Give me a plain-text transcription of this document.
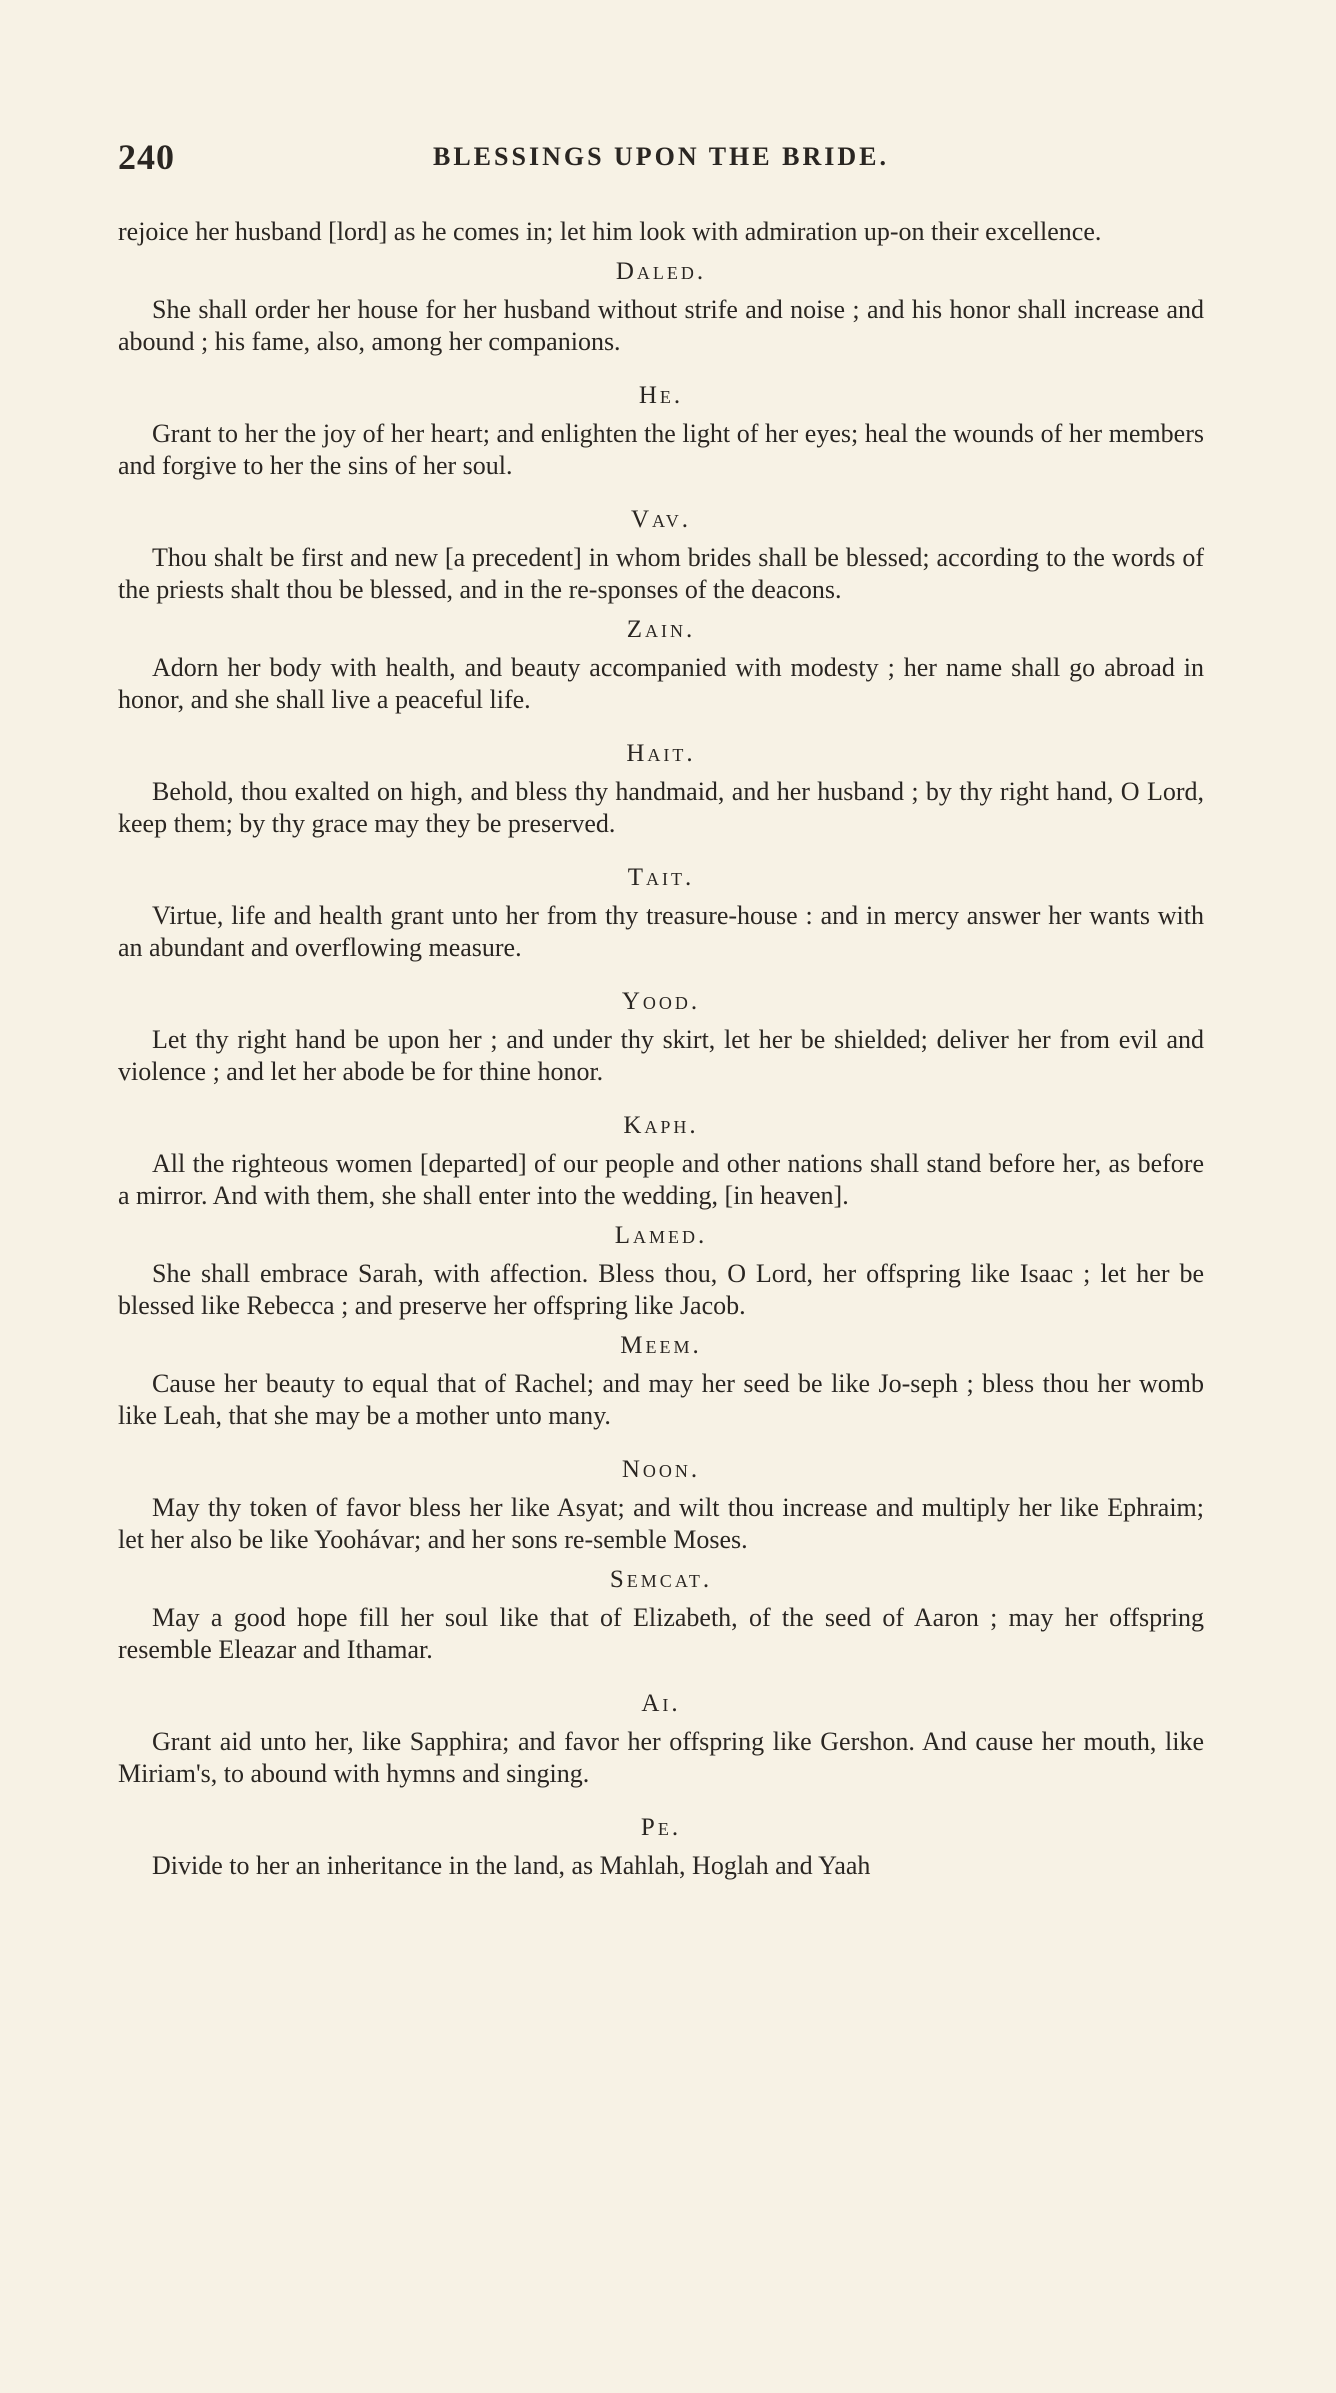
240	BLESSINGS UPON THE BRIDE.

rejoice her husband [lord] as he comes in; let him look with admiration up-on their excellence.

Daled.

She shall order her house for her husband without strife and noise ; and his honor shall increase and abound ; his fame, also, among her companions.

He.

Grant to her the joy of her heart; and enlighten the light of her eyes; heal the wounds of her members and forgive to her the sins of her soul.

Vav.

Thou shalt be first and new [a precedent] in whom brides shall be blessed; according to the words of the priests shalt thou be blessed, and in the re-sponses of the deacons.

Zain.

Adorn her body with health, and beauty accompanied with modesty ; her name shall go abroad in honor, and she shall live a peaceful life.

Hait.

Behold, thou exalted on high, and bless thy handmaid, and her husband ; by thy right hand, O Lord, keep them; by thy grace may they be preserved.

Tait.

Virtue, life and health grant unto her from thy treasure-house : and in mercy answer her wants with an abundant and overflowing measure.

Yood.

Let thy right hand be upon her ; and under thy skirt, let her be shielded; deliver her from evil and violence ; and let her abode be for thine honor.

Kaph.

All the righteous women [departed] of our people and other nations shall stand before her, as before a mirror. And with them, she shall enter into the wedding, [in heaven].

Lamed.

She shall embrace Sarah, with affection. Bless thou, O Lord, her offspring like Isaac ; let her be blessed like Rebecca ; and preserve her offspring like Jacob.

Meem.

Cause her beauty to equal that of Rachel; and may her seed be like Jo-seph ; bless thou her womb like Leah, that she may be a mother unto many.

Noon.

May thy token of favor bless her like Asyat; and wilt thou increase and multiply her like Ephraim; let her also be like Yoohávar; and her sons re-semble Moses.

Semcat.

May a good hope fill her soul like that of Elizabeth, of the seed of Aaron ; may her offspring resemble Eleazar and Ithamar.

Ai.

Grant aid unto her, like Sapphira; and favor her offspring like Gershon. And cause her mouth, like Miriam's, to abound with hymns and singing.

Pe.

Divide to her an inheritance in the land, as Mahlah, Hoglah and Yaah
